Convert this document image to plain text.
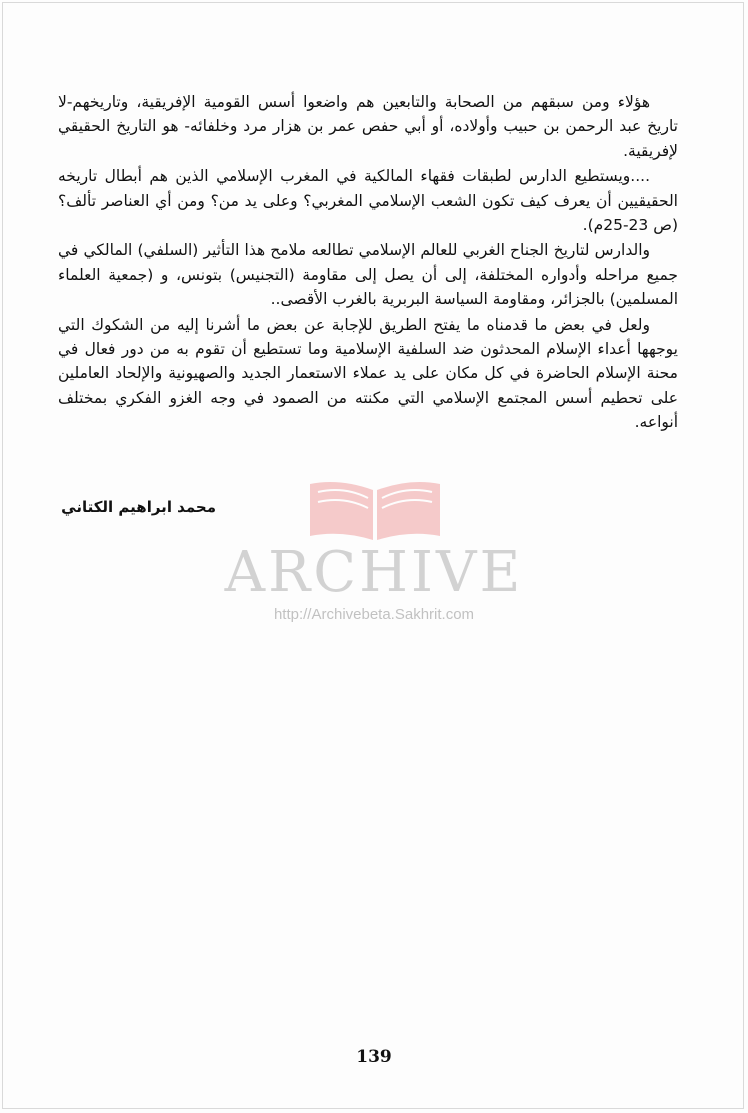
هؤلاء ومن سبقهم من الصحابة والتابعين هم واضعوا أسس القومية الإفريقية، وتاريخهم-لا تاريخ عبد الرحمن بن حبيب وأولاده، أو أبي حفص عمر بن هزار مرد وخلفائه- هو التاريخ الحقيقي لإفريقية.

....ويستطيع الدارس لطبقات فقهاء المالكية في المغرب الإسلامي الذين هم أبطال تاريخه الحقيقيين أن يعرف كيف تكون الشعب الإسلامي المغربي؟ وعلى يد من؟ ومن أي العناصر تألف؟ (ص 23-25م).

والدارس لتاريخ الجناح الغربي للعالم الإسلامي تطالعه ملامح هذا التأثير (السلفي) المالكي في جميع مراحله وأدواره المختلفة، إلى أن يصل إلى مقاومة (التجنيس) بتونس، و (جمعية العلماء المسلمين) بالجزائر، ومقاومة السياسة البربرية بالغرب الأقصى..

ولعل في بعض ما قدمناه ما يفتح الطريق للإجابة عن بعض ما أشرنا إليه من الشكوك التي يوجهها أعداء الإسلام المحدثون ضد السلفية الإسلامية وما تستطيع أن تقوم به من دور فعال في محنة الإسلام الحاضرة في كل مكان على يد عملاء الاستعمار الجديد والصهيونية والإلحاد العاملين على تحطيم أسس المجتمع الإسلامي التي مكنته من الصمود في وجه الغزو الفكري بمختلف أنواعه.

محمد ابراهيم الكتاني
ARCHIVE
http://Archivebeta.Sakhrit.com
139
